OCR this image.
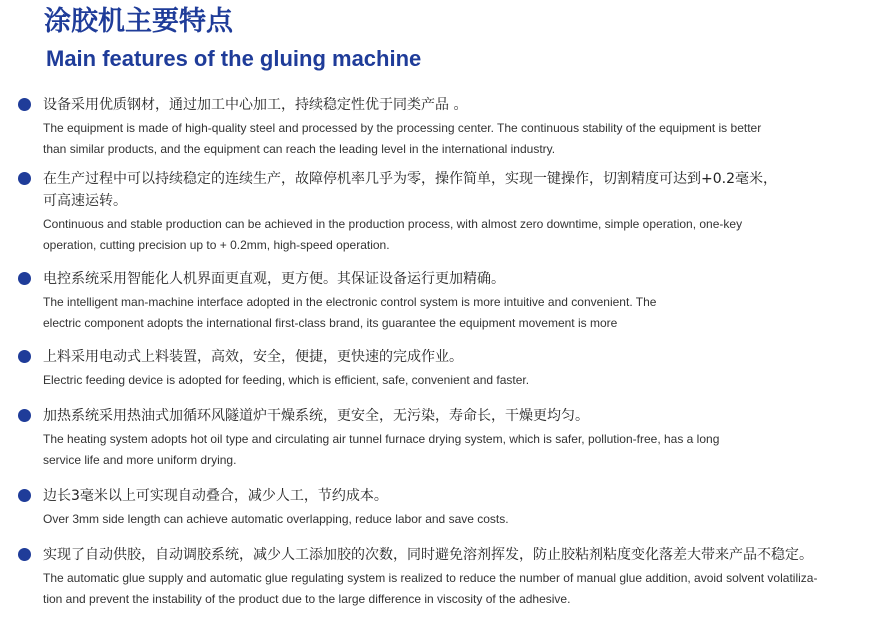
涂胶机主要特点
Main features of the gluing machine
设备采用优质钢材，通过加工中心加工，持续稳定性优于同类产品 。
The equipment is made of high-quality steel and processed by the processing center. The continuous stability of the equipment is better
than similar products, and the equipment can reach the leading level in the international industry.
在生产过程中可以持续稳定的连续生产，故障停机率几乎为零，操作简单，实现一键操作，切割精度可达到+0.2毫米，
可高速运转。
Continuous and stable production can be achieved in the production process, with almost zero downtime, simple operation, one-key
operation, cutting precision up to + 0.2mm, high-speed operation.
电控系统采用智能化人机界面更直观，更方便。其保证设备运行更加精确。
The intelligent man-machine interface adopted in the electronic control system is more intuitive and convenient. The
electric component adopts the international first-class brand, its guarantee the equipment movement is more
上料采用电动式上料装置，高效，安全，便捷，更快速的完成作业。
Electric feeding device is adopted for feeding, which is efficient, safe, convenient and faster.
加热系统采用热油式加循环风隧道炉干燥系统，更安全，无污染，寿命长，干燥更均匀。
The heating system adopts hot oil type and circulating air tunnel furnace drying system, which is safer, pollution-free, has a long
service life and more uniform drying.
边长3毫米以上可实现自动叠合，减少人工，节约成本。
Over 3mm side length can achieve automatic overlapping, reduce labor and save costs.
实现了自动供胶，自动调胶系统，减少人工添加胶的次数，同时避免溶剂挥发，防止胶粘剂粘度变化落差大带来产品不稳定。
The automatic glue supply and automatic glue regulating system is realized to reduce the number of manual glue addition, avoid solvent volatiliza-
tion and prevent the instability of the product due to the large difference in viscosity of the adhesive.
